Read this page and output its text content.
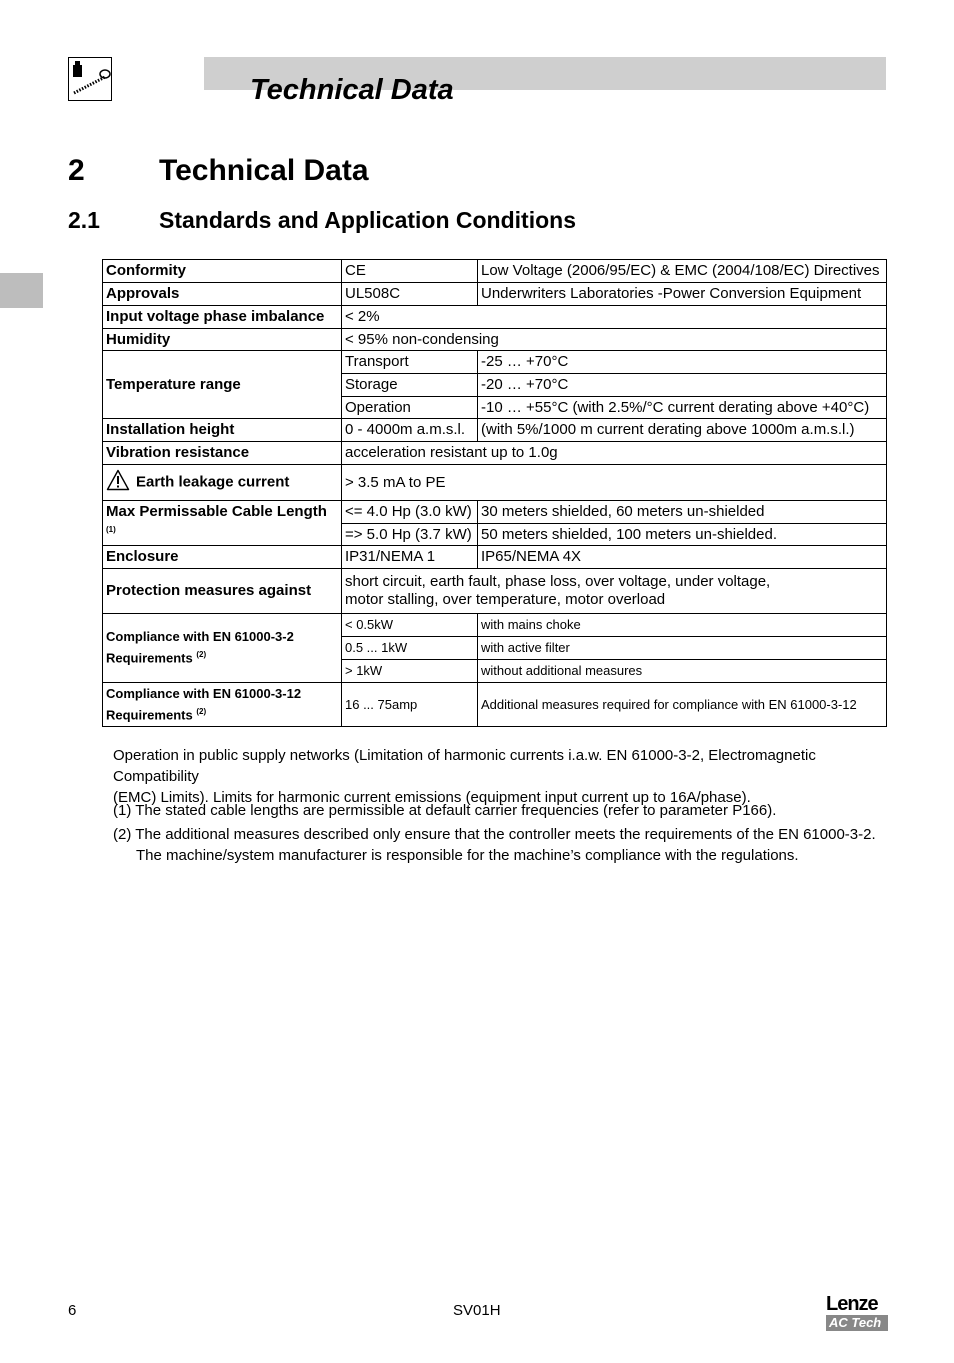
Technical Data
2 Technical Data
2.1	Standards and Application Conditions
Conformity	CE	Low Voltage (2006/95/EC) & EMC (2004/108/EC) Directives
Approvals	UL508C	Underwriters Laboratories -Power Conversion Equipment
Input voltage phase imbalance	< 2%	
Humidity	< 95% non-condensing	
Temperature range	Transport	-25 … +70°C
	Storage	-20 … +70°C
	Operation	-10 … +55°C (with 2.5%/°C current derating above +40°C)
Installation height	0 - 4000m a.m.s.l.	(with 5%/1000 m current derating above 1000m a.m.s.l.)
Vibration resistance	acceleration resistant up to 1.0g	
Earth leakage current	> 3.5 mA to PE	
Max Permissable Cable Length $^{(1)}$	<= 4.0 Hp (3.0 kW)	30 meters shielded, 60 meters un-shielded
	=> 5.0 Hp (3.7 kW)	50 meters shielded, 100 meters un-shielded.
Enclosure	IP31/NEMA 1	IP65/NEMA 4X
Protection measures against	short circuit, earth fault, phase loss, over voltage, under voltage,
motor stalling, over temperature, motor overload	

Compliance with EN 61000-3-2
Requirements $^{(2)}$	< 0.5kW	with mains choke
	0.5 ... 1kW	with active filter
	> 1kW	without additional measures

Compliance with EN 61000-3-12
Requirements $^{(2)}$	16 ... 75amp	Additional measures required for compliance with EN 61000-3-12
Operation in public supply networks (Limitation of harmonic currents i.a.w. EN 61000-3-2, Electromagnetic Compatibility
(EMC) Limits). Limits for harmonic current emissions (equipment input current up to 16A/phase).
(1) The stated cable lengths are permissible at default carrier frequencies (refer to parameter P166).
(2) The additional measures described only ensure that the controller meets the requirements of the EN 61000-3-2.
The machine/system manufacturer is responsible for the machine’s compliance with the regulations.
6	SV01H	Lenze
AC Tech
